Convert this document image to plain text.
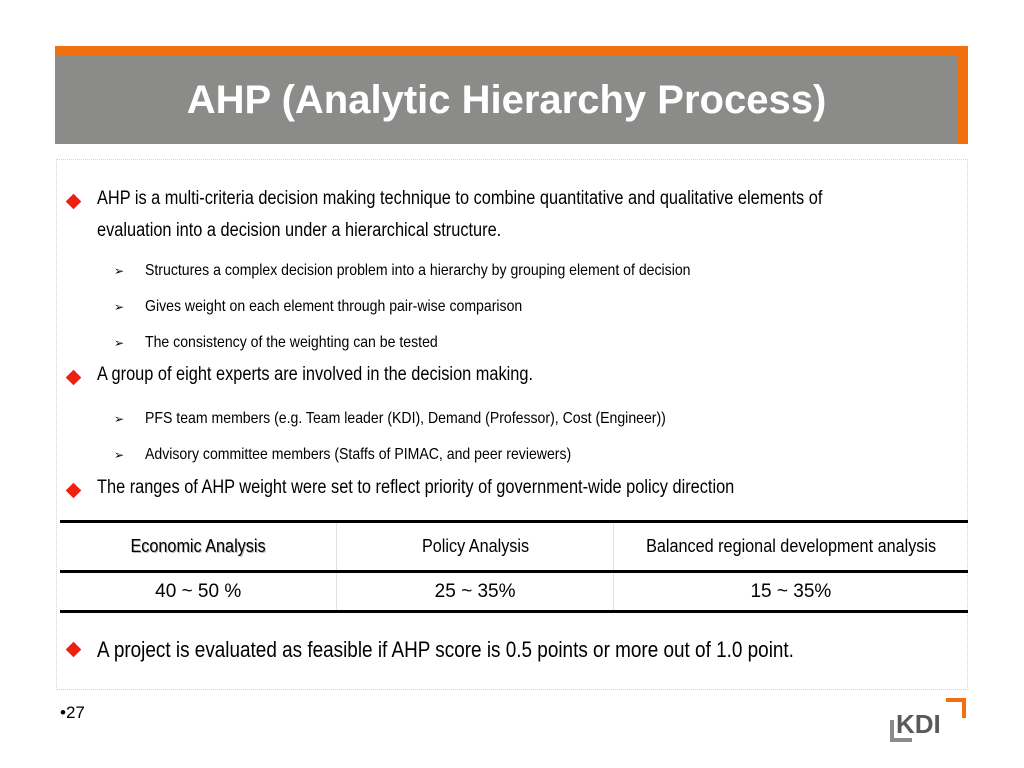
AHP (Analytic Hierarchy Process)
AHP is a multi-criteria decision making technique to combine quantitative and qualitative elements of
evaluation into a decision under a hierarchical structure.
➢ Structures a complex decision problem into a hierarchy by grouping element of decision
➢ Gives weight on each element through pair-wise comparison
➢ The consistency of the weighting can be tested
A group of eight experts are involved in the decision making.
➢ PFS team members (e.g. Team leader (KDI), Demand (Professor), Cost (Engineer))
➢ Advisory committee members (Staffs of PIMAC, and peer reviewers)
The ranges of AHP weight were set to reflect priority of government-wide policy direction
Economic Analysis	Policy Analysis	Balanced regional development analysis
40 ~ 50 %	25 ~ 35%	15 ~ 35%
A project is evaluated as feasible if AHP score is 0.5 points or more out of 1.0 point.
•27	KDI
